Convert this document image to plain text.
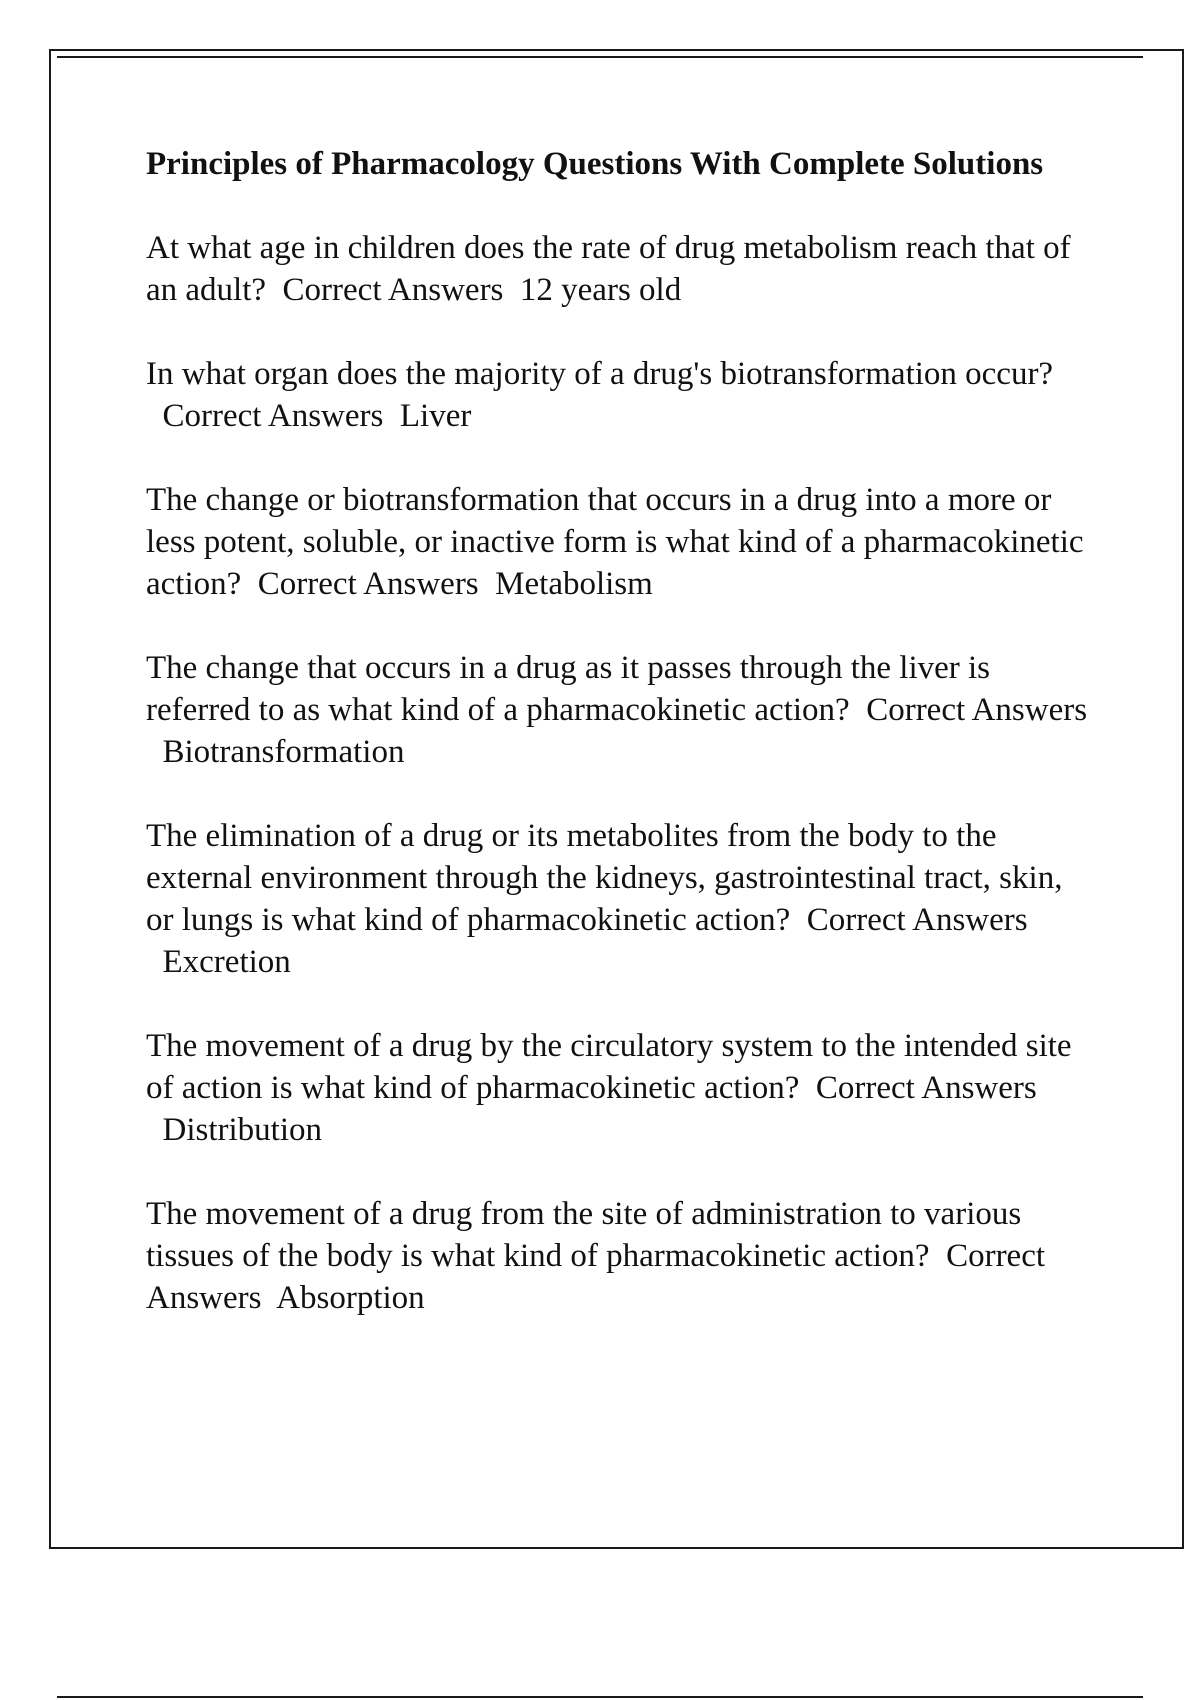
Principles of Pharmacology Questions With Complete Solutions

At what age in children does the rate of drug metabolism reach that of an adult? Correct Answers 12 years old

In what organ does the majority of a drug's biotransformation occur?  Correct Answers Liver

The change or biotransformation that occurs in a drug into a more or less potent, soluble, or inactive form is what kind of a pharmacokinetic action? Correct Answers Metabolism

The change that occurs in a drug as it passes through the liver is referred to as what kind of a pharmacokinetic action? Correct Answers  Biotransformation

The elimination of a drug or its metabolites from the body to the external environment through the kidneys, gastrointestinal tract, skin, or lungs is what kind of pharmacokinetic action? Correct Answers  Excretion

The movement of a drug by the circulatory system to the intended site of action is what kind of pharmacokinetic action? Correct Answers  Distribution

The movement of a drug from the site of administration to various tissues of the body is what kind of pharmacokinetic action? Correct Answers Absorption
